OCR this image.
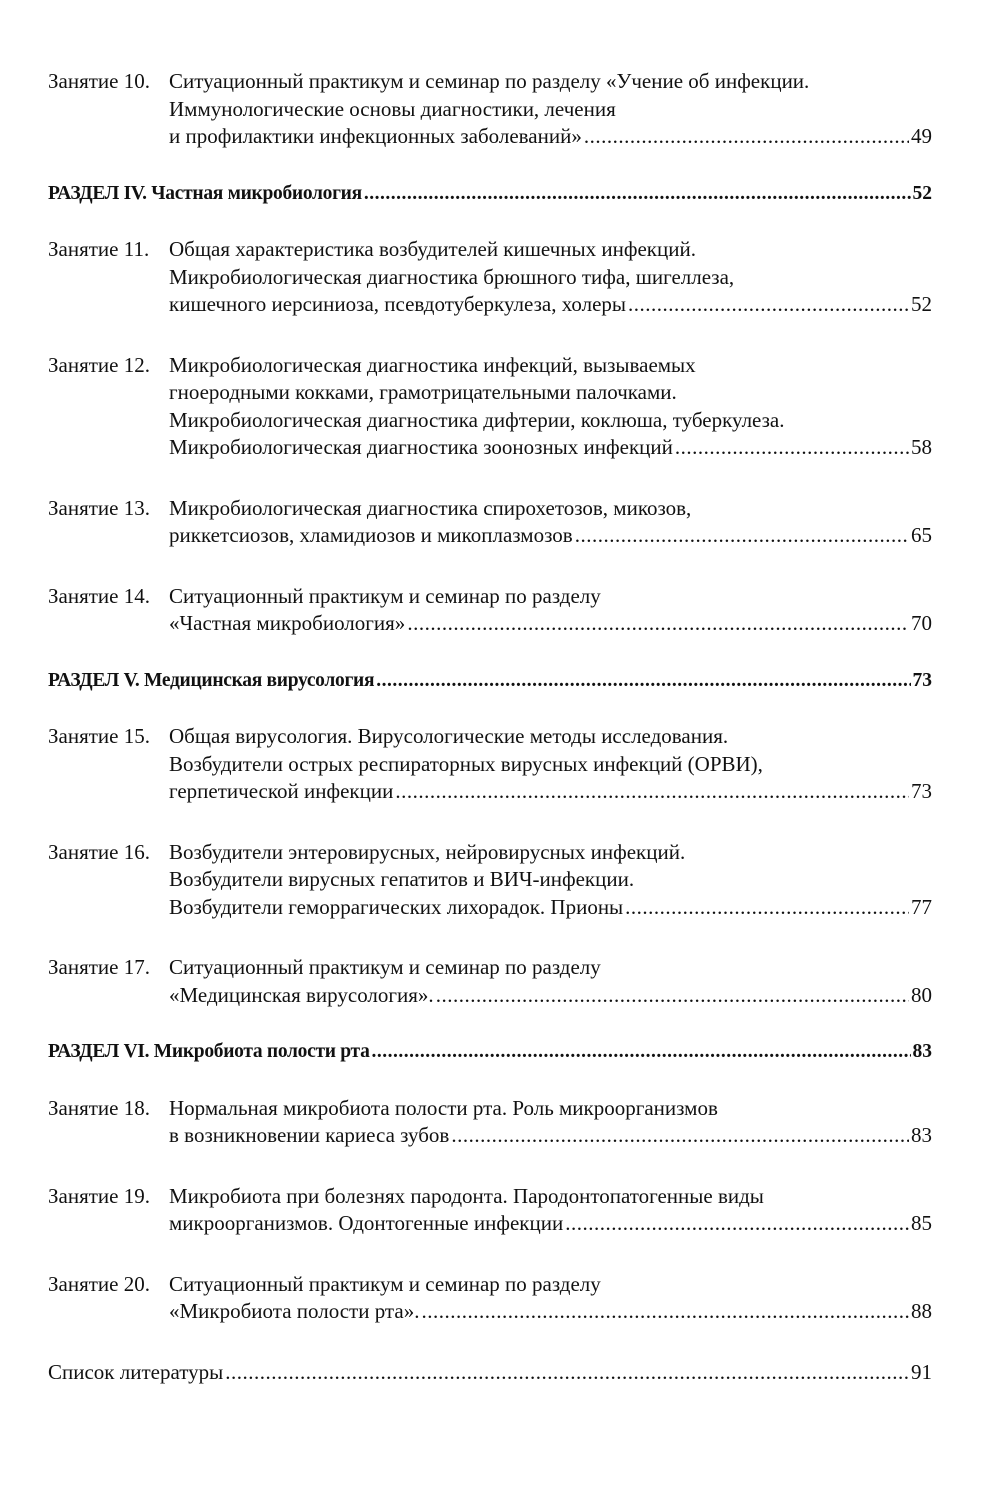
Занятие 10. Ситуационный практикум и семинар по разделу «Учение об инфекции.
Иммунологические основы диагностики, лечения
и профилактики инфекционных заболеваний» .....	49
РАЗДЕЛ IV. Частная микробиология .....	52
Занятие 11. Общая характеристика возбудителей кишечных инфекций.
Микробиологическая диагностика брюшного тифа, шигеллеза,
кишечного иерсиниоза, псевдотуберкулеза, холеры .....	52
Занятие 12. Микробиологическая диагностика инфекций, вызываемых
гноеродными кокками, грамотрицательными палочками.
Микробиологическая диагностика дифтерии, коклюша, туберкулеза.
Микробиологическая диагностика зоонозных инфекций .....	58
Занятие 13. Микробиологическая диагностика спирохетозов, микозов,
риккетсиозов, хламидиозов и микоплазмозов .....	65
Занятие 14. Ситуационный практикум и семинар по разделу
«Частная микробиология» .....	70
РАЗДЕЛ V. Медицинская вирусология .....	73
Занятие 15. Общая вирусология. Вирусологические методы исследования.
Возбудители острых респираторных вирусных инфекций (ОРВИ),
герпетической инфекции .....	73
Занятие 16. Возбудители энтеровирусных, нейровирусных инфекций.
Возбудители вирусных гепатитов и ВИЧ-инфекции.
Возбудители геморрагических лихорадок. Прионы .....	77
Занятие 17. Ситуационный практикум и семинар по разделу
«Медицинская вирусология». .....	80
РАЗДЕЛ VI. Микробиота полости рта .....	83
Занятие 18. Нормальная микробиота полости рта. Роль микроорганизмов
в возникновении кариеса зубов .....	83
Занятие 19. Микробиота при болезнях пародонта. Пародонтопатогенные виды
микроорганизмов. Одонтогенные инфекции .....	85
Занятие 20. Ситуационный практикум и семинар по разделу
«Микробиота полости рта». .....	88
Список литературы .....	91
